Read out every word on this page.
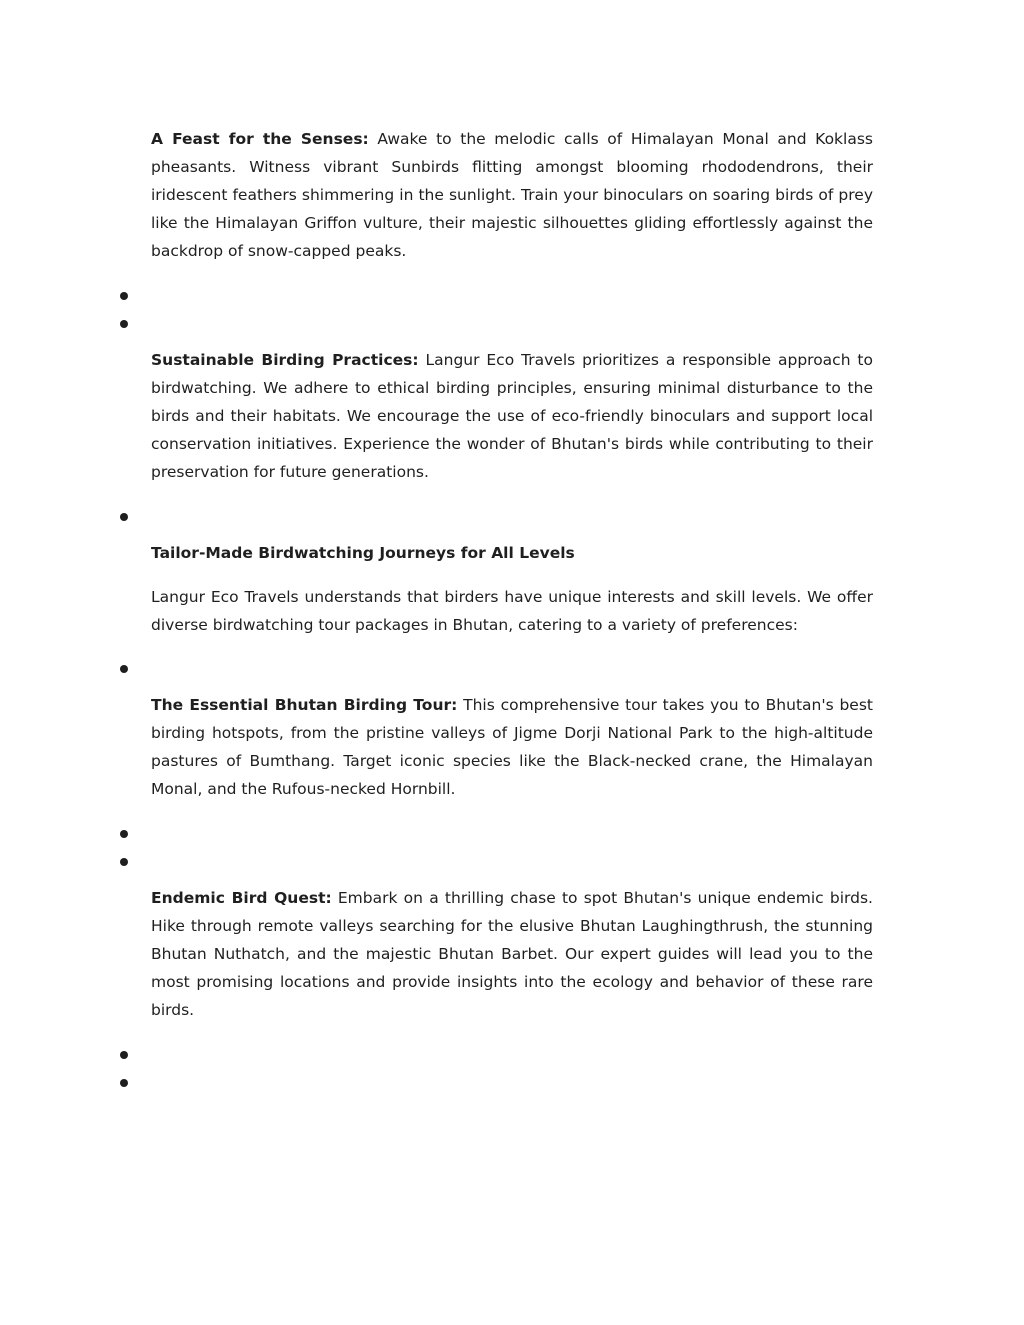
A Feast for the Senses: Awake to the melodic calls of Himalayan Monal and Koklass pheasants. Witness vibrant Sunbirds flitting amongst blooming rhododendrons, their iridescent feathers shimmering in the sunlight. Train your binoculars on soaring birds of prey like the Himalayan Griffon vulture, their majestic silhouettes gliding effortlessly against the backdrop of snow-capped peaks.

Sustainable Birding Practices: Langur Eco Travels prioritizes a responsible approach to birdwatching. We adhere to ethical birding principles, ensuring minimal disturbance to the birds and their habitats. We encourage the use of eco-friendly binoculars and support local conservation initiatives. Experience the wonder of Bhutan's birds while contributing to their preservation for future generations.

Tailor-Made Birdwatching Journeys for All Levels

Langur Eco Travels understands that birders have unique interests and skill levels. We offer diverse birdwatching tour packages in Bhutan, catering to a variety of preferences:

The Essential Bhutan Birding Tour: This comprehensive tour takes you to Bhutan's best birding hotspots, from the pristine valleys of Jigme Dorji National Park to the high-altitude pastures of Bumthang. Target iconic species like the Black-necked crane, the Himalayan Monal, and the Rufous-necked Hornbill.

Endemic Bird Quest: Embark on a thrilling chase to spot Bhutan's unique endemic birds. Hike through remote valleys searching for the elusive Bhutan Laughingthrush, the stunning Bhutan Nuthatch, and the majestic Bhutan Barbet. Our expert guides will lead you to the most promising locations and provide insights into the ecology and behavior of these rare birds.
